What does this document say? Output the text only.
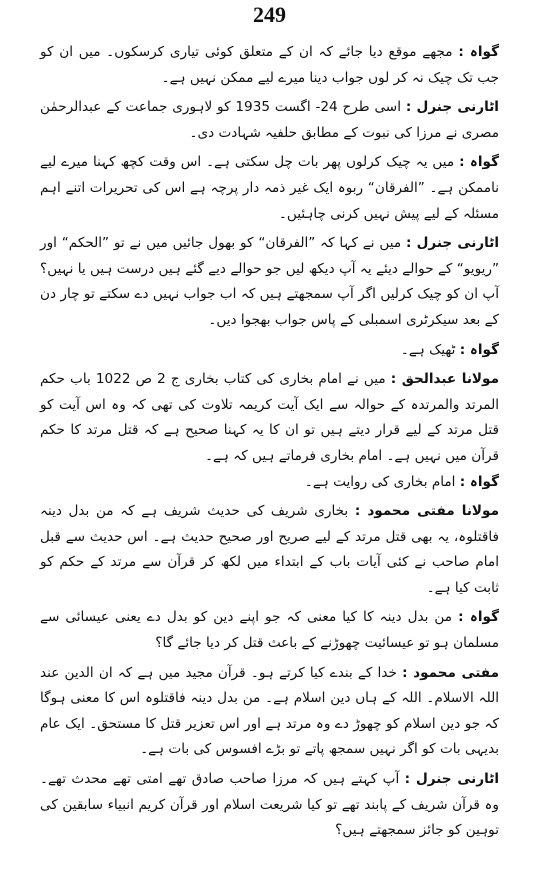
249

گواہ : مجھے موقع دیا جائے کہ ان کے متعلق کوئی تیاری کرسکوں۔ میں ان کو جب تک چیک نہ کر لوں جواب دینا میرے لیے ممکن نہیں ہے۔

اٹارنی جنرل : اسی طرح 24- اگست 1935 کو لاہوری جماعت کے عبدالرحمٰن مصری نے مرزا کی نبوت کے مطابق حلفیہ شہادت دی۔

گواہ : میں یہ چیک کرلوں پھر بات چل سکتی ہے۔ اس وقت کچھ کہنا میرے لیے ناممکن ہے۔ ”الفرقان“ ربوہ ایک غیر ذمہ دار پرچہ ہے اس کی تحریرات اتنے اہم مسئلہ کے لیے پیش نہیں کرنی چاہئیں۔

اٹارنی جنرل : میں نے کہا کہ ”الفرقان“ کو بھول جائیں میں نے تو ”الحکم“ اور ”ریویو“ کے حوالے دیئے یہ آپ دیکھ لیں جو حوالے دیے گئے ہیں درست ہیں یا نہیں؟ آپ ان کو چیک کرلیں اگر آپ سمجھتے ہیں کہ اب جواب نہیں دے سکتے تو چار دن کے بعد سیکرٹری اسمبلی کے پاس جواب بھجوا دیں۔

گواہ : ٹھیک ہے۔

مولانا عبدالحق : میں نے امام بخاری کی کتاب بخاری ج 2 ص 1022 باب حکم المرتد والمرتدہ کے حوالہ سے ایک آیت کریمہ تلاوت کی تھی کہ وہ اس آیت کو قتل مرتد کے لیے قرار دیتے ہیں تو ان کا یہ کہنا صحیح ہے کہ قتل مرتد کا حکم قرآن میں نہیں ہے۔ امام بخاری فرماتے ہیں کہ ہے۔

گواہ : امام بخاری کی روایت ہے۔

مولانا مفتی محمود : بخاری شریف کی حدیث شریف ہے کہ من بدل دینہ فاقتلوہ، یہ بھی قتل مرتد کے لیے صریح اور صحیح حدیث ہے۔ اس حدیث سے قبل امام صاحب نے کئی آیات باب کے ابتداء میں لکھ کر قرآن سے مرتد کے حکم کو ثابت کیا ہے۔

گواہ : من بدل دینہ کا کیا معنی کہ جو اپنے دین کو بدل دے یعنی عیسائی سے مسلمان ہو تو عیسائیت چھوڑنے کے باعث قتل کر دیا جائے گا؟

مفتی محمود : خدا کے بندے کیا کرتے ہو۔ قرآن مجید میں ہے کہ ان الدین عند اللہ الاسلام۔ اللہ کے ہاں دین اسلام ہے۔ من بدل دینہ فاقتلوہ اس کا معنی ہوگا کہ جو دین اسلام کو چھوڑ دے وہ مرتد ہے اور اس تعزیر قتل کا مستحق۔ ایک عام بدیہی بات کو اگر نہیں سمجھ پاتے تو بڑے افسوس کی بات ہے۔

اٹارنی جنرل : آپ کہتے ہیں کہ مرزا صاحب صادق تھے امتی تھے محدث تھے۔ وہ قرآن شریف کے پابند تھے تو کیا شریعت اسلام اور قرآن کریم انبیاء سابقین کی توہین کو جائز سمجھتے ہیں؟
